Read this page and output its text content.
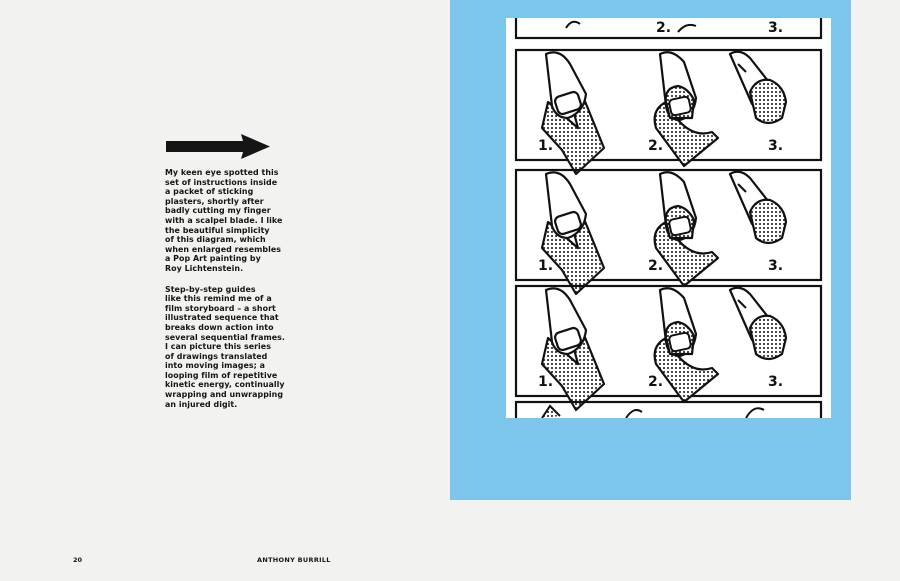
My keen eye spotted this
set of instructions inside
a packet of sticking
plasters, shortly after
badly cutting my finger
with a scalpel blade. I like
the beautiful simplicity
of this diagram, which
when enlarged resembles
a Pop Art painting by
Roy Lichtenstein.

Step-by-step guides
like this remind me of a
film storyboard – a short
illustrated sequence that
breaks down action into
several sequential frames.
I can picture this series
of drawings translated
into moving images; a
looping film of repetitive
kinetic energy, continually
wrapping and unwrapping
an injured digit.

20	ANTHONY BURRILL
2.	3.
1.	2.	3.
1.	2.	3.
1.	2.	3.
